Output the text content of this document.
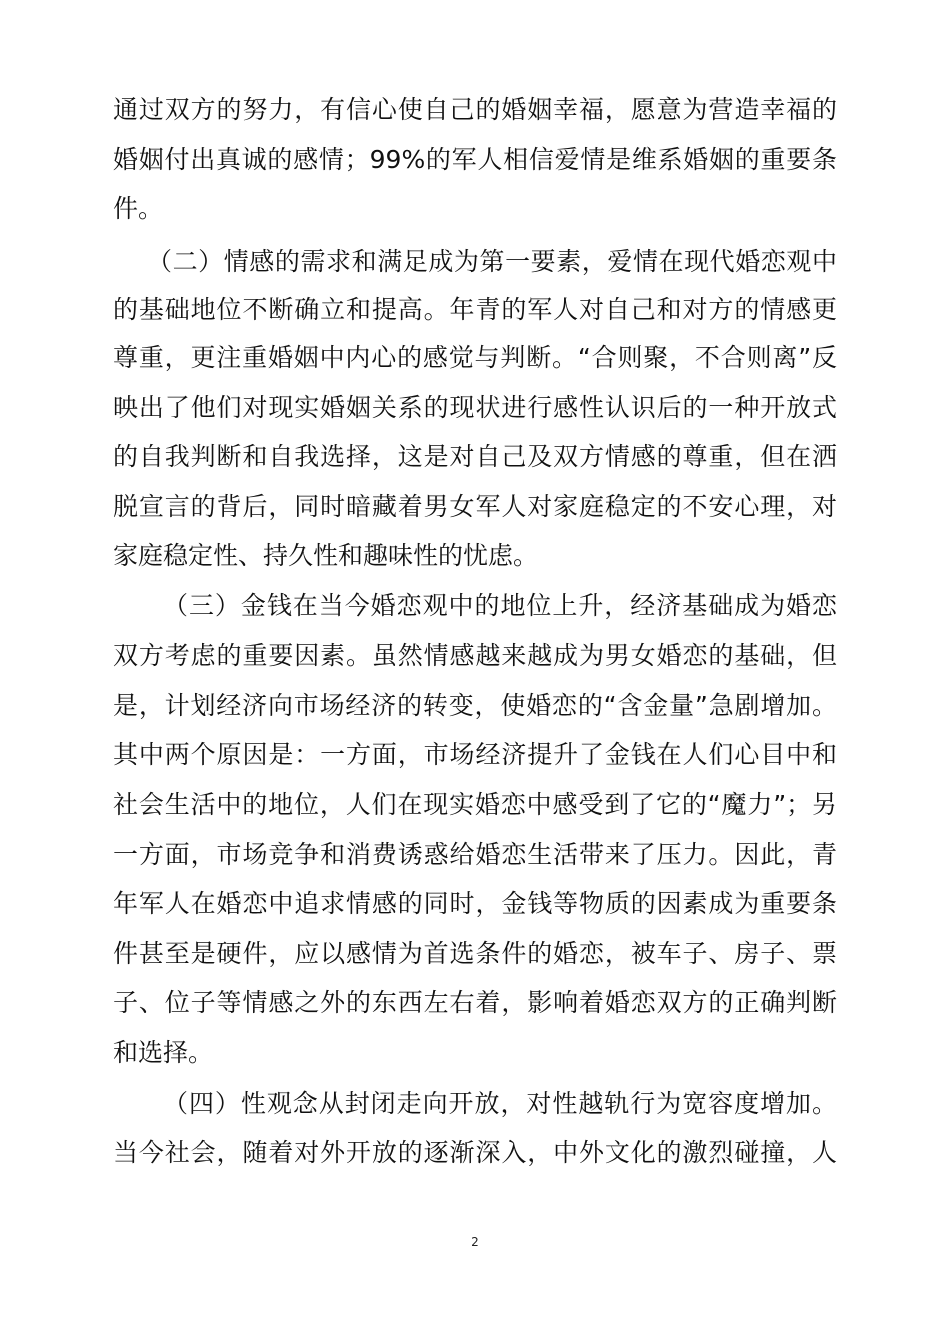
通过双方的努力，有信心使自己的婚姻幸福，愿意为营造幸福的
婚姻付出真诚的感情；99%的军人相信爱情是维系婚姻的重要条
件。
（二）情感的需求和满足成为第一要素，爱情在现代婚恋观中
的基础地位不断确立和提高。年青的军人对自己和对方的情感更
尊重，更注重婚姻中内心的感觉与判断。“合则聚，不合则离”反
映出了他们对现实婚姻关系的现状进行感性认识后的一种开放式
的自我判断和自我选择，这是对自己及双方情感的尊重，但在洒
脱宣言的背后，同时暗藏着男女军人对家庭稳定的不安心理，对
家庭稳定性、持久性和趣味性的忧虑。
（三）金钱在当今婚恋观中的地位上升，经济基础成为婚恋
双方考虑的重要因素。虽然情感越来越成为男女婚恋的基础，但
是，计划经济向市场经济的转变，使婚恋的“含金量”急剧增加。
其中两个原因是：一方面，市场经济提升了金钱在人们心目中和
社会生活中的地位，人们在现实婚恋中感受到了它的“魔力”；另
一方面，市场竞争和消费诱惑给婚恋生活带来了压力。因此，青
年军人在婚恋中追求情感的同时，金钱等物质的因素成为重要条
件甚至是硬件，应以感情为首选条件的婚恋，被车子、房子、票
子、位子等情感之外的东西左右着，影响着婚恋双方的正确判断
和选择。
（四）性观念从封闭走向开放，对性越轨行为宽容度增加。
当今社会，随着对外开放的逐渐深入，中外文化的激烈碰撞，人
2
